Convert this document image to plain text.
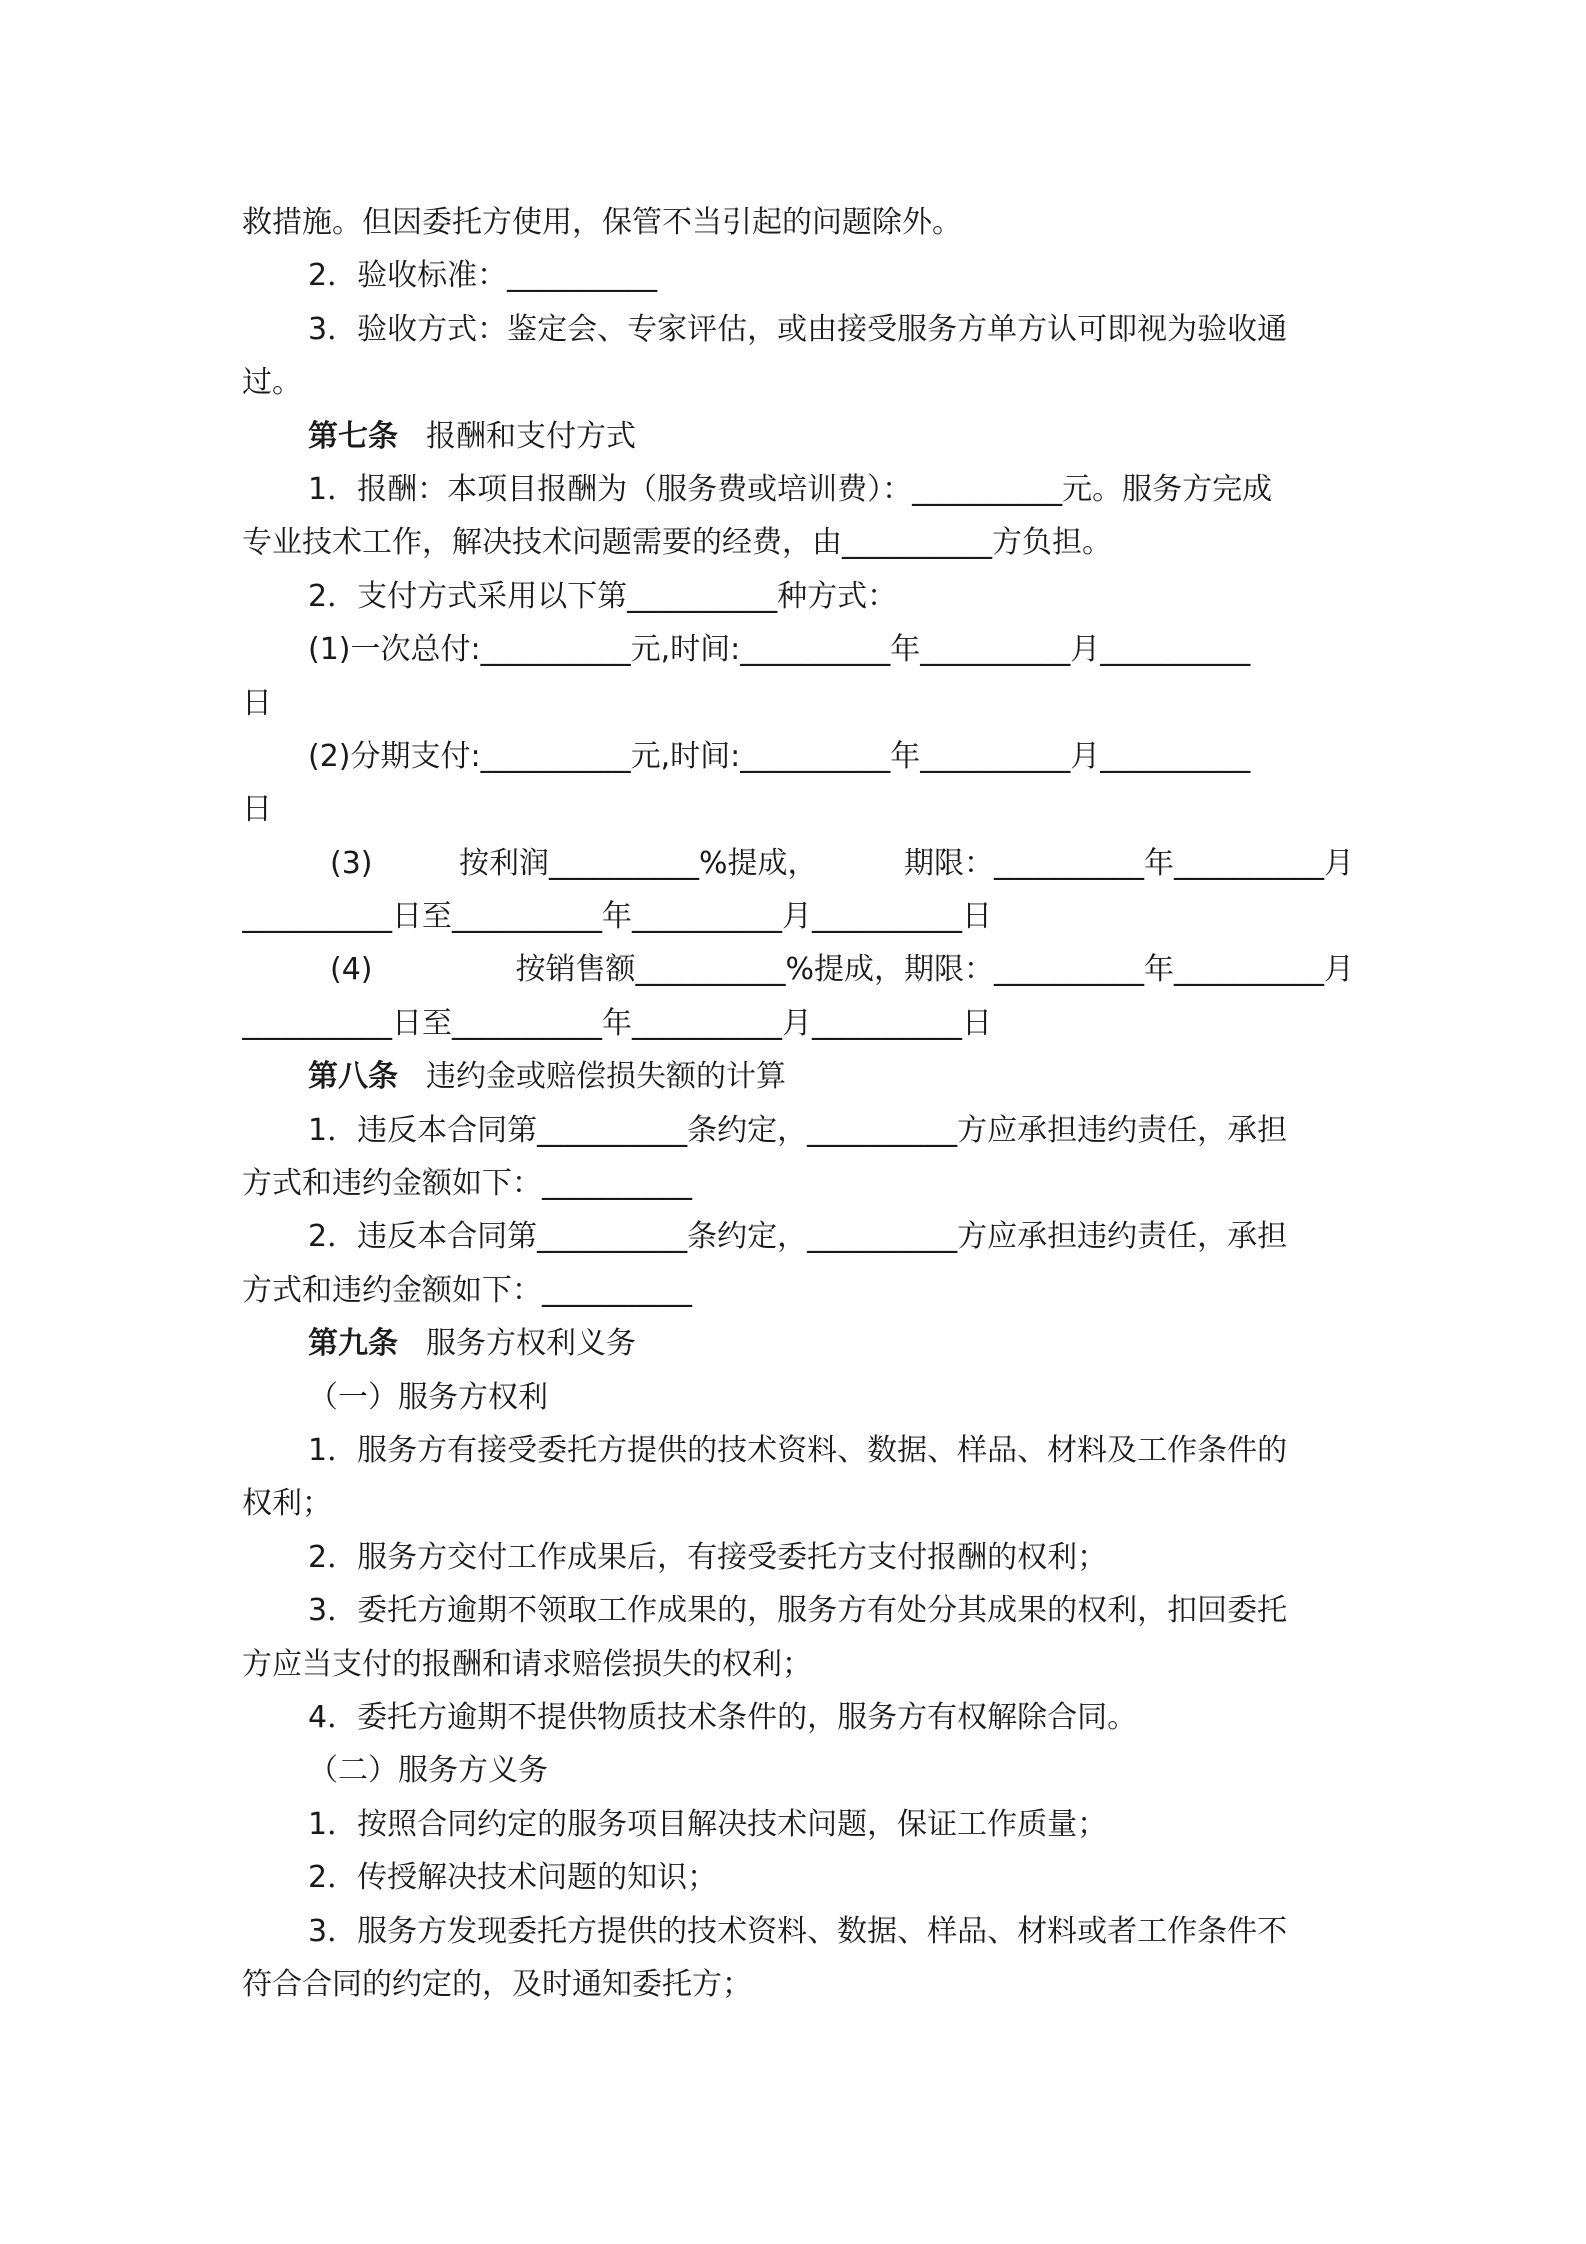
救措施。但因委托方使用，保管不当引起的问题除外。
2．验收标准：__________
3．验收方式：鉴定会、专家评估，或由接受服务方单方认可即视为验收通
过。
第七条 报酬和支付方式
1．报酬：本项目报酬为（服务费或培训费）：__________元。服务方完成
专业技术工作，解决技术问题需要的经费，由__________方负担。
2．支付方式采用以下第__________种方式：
(1)一次总付:__________元,时间:__________年__________月__________
日
(2)分期支付:__________元,时间:__________年__________月__________
日
(3)	按利润__________%提成，	期限：__________年__________月
__________日至__________年__________月__________日
(4)	按销售额__________%提成，期限：__________年__________月
__________日至__________年__________月__________日
第八条 违约金或赔偿损失额的计算
1．违反本合同第__________条约定，__________方应承担违约责任，承担
方式和违约金额如下：__________
2．违反本合同第__________条约定，__________方应承担违约责任，承担
方式和违约金额如下：__________
第九条 服务方权利义务
（一）服务方权利
1．服务方有接受委托方提供的技术资料、数据、样品、材料及工作条件的
权利；
2．服务方交付工作成果后，有接受委托方支付报酬的权利；
3．委托方逾期不领取工作成果的，服务方有处分其成果的权利，扣回委托
方应当支付的报酬和请求赔偿损失的权利；
4．委托方逾期不提供物质技术条件的，服务方有权解除合同。
（二）服务方义务
1．按照合同约定的服务项目解决技术问题，保证工作质量；
2．传授解决技术问题的知识；
3．服务方发现委托方提供的技术资料、数据、样品、材料或者工作条件不
符合合同的约定的，及时通知委托方；
